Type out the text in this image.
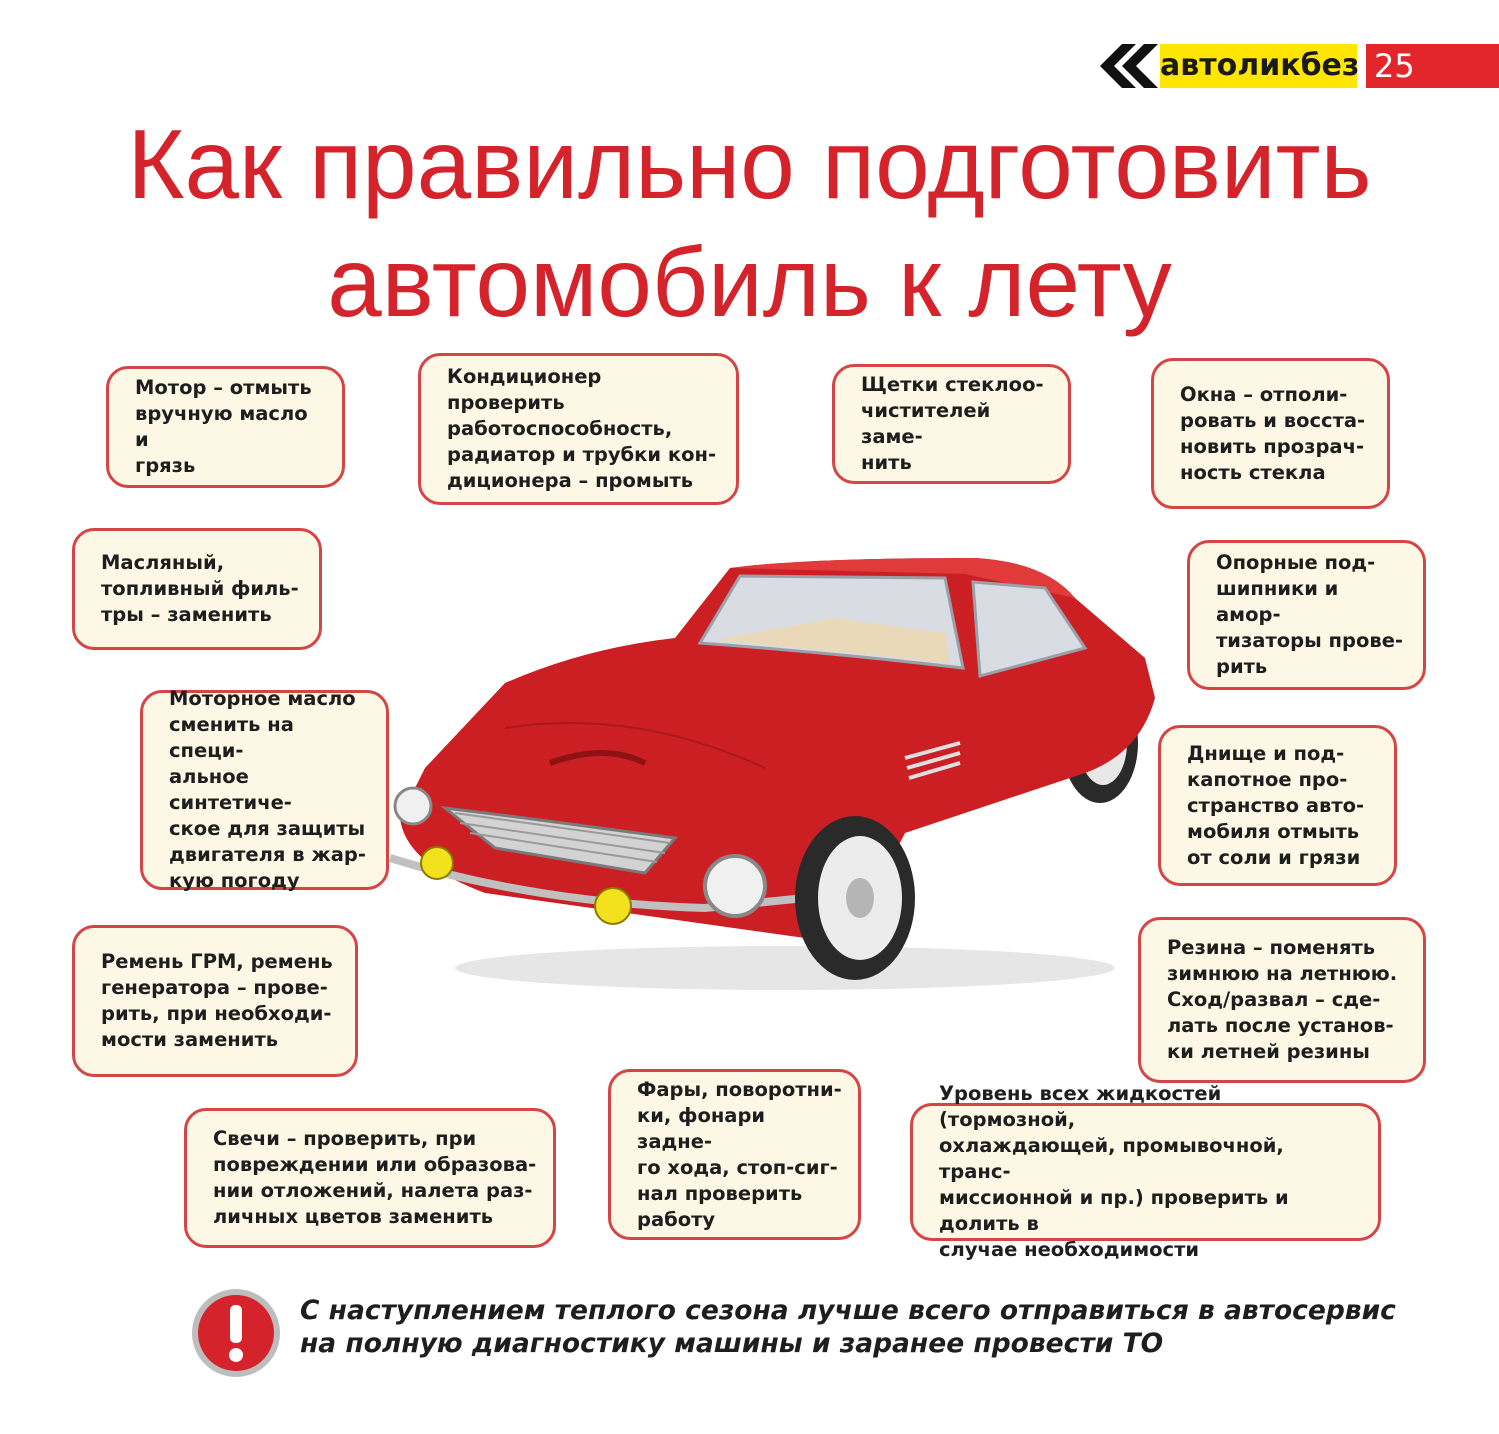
автоликбез 25
Как правильно подготовить
автомобиль к лету

Мотор – отмыть
вручную масло и
грязь

Кондиционер проверить
работоспособность,
радиатор и трубки кон-
диционера – промыть

Щетки стеклоо-
чистителей заме-
нить

Окна – отполи-
ровать и восста-
новить прозрач-
ность стекла

Масляный,
топливный филь-
тры – заменить

Опорные под-
шипники и амор-
тизаторы прове-
рить

Моторное масло
сменить на специ-
альное синтетиче-
ское для защиты
двигателя в жар-
кую погоду

Днище и под-
капотное про-
странство авто-
мобиля отмыть
от соли и грязи

Ремень ГРМ, ремень
генератора – прове-
рить, при необходи-
мости заменить

Резина – поменять
зимнюю на летнюю.
Сход/развал – сде-
лать после установ-
ки летней резины

Свечи – проверить, при
повреждении или образова-
нии отложений, налета раз-
личных цветов заменить

Фары, поворотни-
ки, фонари задне-
го хода, стоп-сиг-
нал проверить
работу

Уровень всех жидкостей (тормозной,
охлаждающей, промывочной, транс-
миссионной и пр.) проверить и долить в
случае необходимости

С наступлением теплого сезона лучше всего отправиться в автосервис
на полную диагностику машины и заранее провести ТО
